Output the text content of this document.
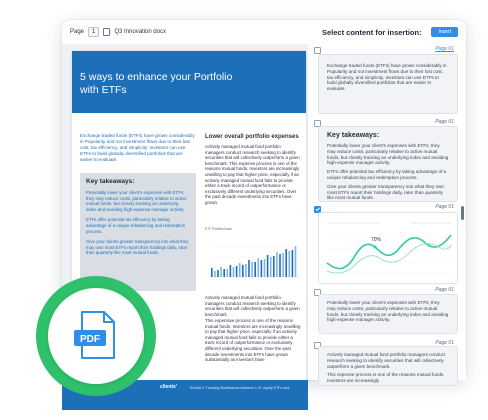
Page	1	Q3 Innovation docx	Select content for insertion:	Insert
5 ways to enhance your Portfolio with ETFs
Exchange traded funds (ETFs) have grown considerably in Popularity and not investment flows due to their lost cost, tax efficiency, and simplicity. Investors can use ETFs to build globally diversified portfolios that are easier to evaluate.
Key takeaways:

Potentially lower your client's expenses with ETFs; they may reduce costs, particularly relative to active mutual funds, but closely tracking an underlying index and avoiding high-expense manager activity.

ETFs offer potential tax efficiency by taking advantage of a unique rebalancing and redemption process.

Give your clients greater transparency into what they may own most ETFs report their holdings daily, rater than quarterly like most mutual funds.

Lower overall portfolio expenses

Actively managed mutual fund portfolio managers conduct research seeking to identify securities that will collectively outperform a given benchmark. This expense process is one of the reasons mutual funds. Investors are increasingly unwilling to pay that higher price, especially if an actively managed mutual fund fails to provide either a track record of outperformance or exclusively different underlying securities. Over the past decade investments into ETFs have grown.

ETF Portfolio flows

Actively managed mutual fund portfolio managers conduct research seeking to identify securities that will collectively outperform a given benchmark.

This expensive process is one of the reasons mutual funds. Investors are increasingly unwilling to pay that higher price, especially if an actively managed mutual fund fails to provide either a track record of outperformance or exclusively different underlying securities. Over the past decade investments into ETFs have grown substantially as investors have

clients'	Exhibit 2: Tracking distributions between U.S. equity ETFs and
Page 01

Exchange traded funds (ETFs) have grown considerably in Popularity and not investment flows due to their lost cost, tax efficiency, and simplicity. Investors can use ETFs to build globally diversified portfolios that are easier to evaluate.

Page 01
Key takeaways:

Potentially lower your client's expenses with ETFs; they may reduce costs, particularly relative to active mutual funds, but closely tracking an underlying index and avoiding high-expense manager activity.

ETFs offer potential tax efficiency by taking advantage of a unique rebalancing and redemption process.

Give your clients greater transparency into what they own most ETFs report their holdings daily, rater than quarterly like most mutual funds.

Page 01
70%
Page 01

Potentially lower your client's expenses with ETFs; they may reduce costs, particularly relative to active mutual funds, but closely tracking an underlying index and avoiding high-expense manager activity.

Page 01

Actively managed mutual fund portfolio managers conduct research seeking to identify securities that will collectively outperform a given benchmark.

This expense process is one of the reasons mutual funds. Investors are increasingly

PDF
